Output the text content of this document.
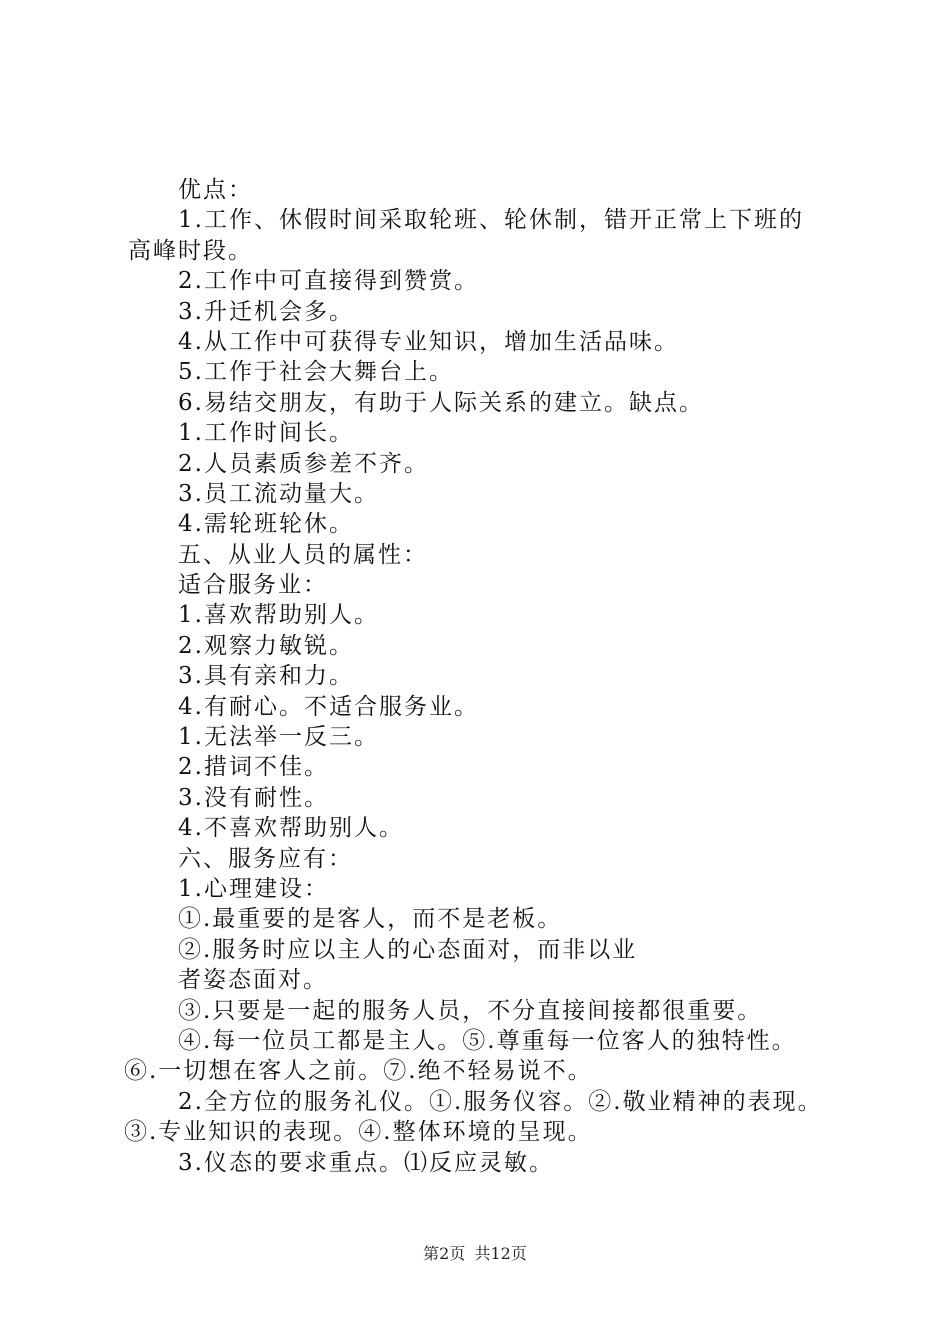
优点：
1.工作、休假时间采取轮班、轮休制，错开正常上下班的
高峰时段。
2.工作中可直接得到赞赏。
3.升迁机会多。
4.从工作中可获得专业知识，增加生活品味。
5.工作于社会大舞台上。
6.易结交朋友，有助于人际关系的建立。缺点。
1.工作时间长。
2.人员素质参差不齐。
3.员工流动量大。
4.需轮班轮休。
五、从业人员的属性：
适合服务业：
1.喜欢帮助别人。
2.观察力敏锐。
3.具有亲和力。
4.有耐心。不适合服务业。
1.无法举一反三。
2.措词不佳。
3.没有耐性。
4.不喜欢帮助别人。
六、服务应有：
1.心理建设：
①.最重要的是客人，而不是老板。
②.服务时应以主人的心态面对，而非以业
者姿态面对。
③.只要是一起的服务人员，不分直接间接都很重要。
④.每一位员工都是主人。⑤.尊重每一位客人的独特性。
⑥.一切想在客人之前。⑦.绝不轻易说不。
2.全方位的服务礼仪。①.服务仪容。②.敬业精神的表现。
③.专业知识的表现。④.整体环境的呈现。
3.仪态的要求重点。⑴反应灵敏。
第2页 共12页
